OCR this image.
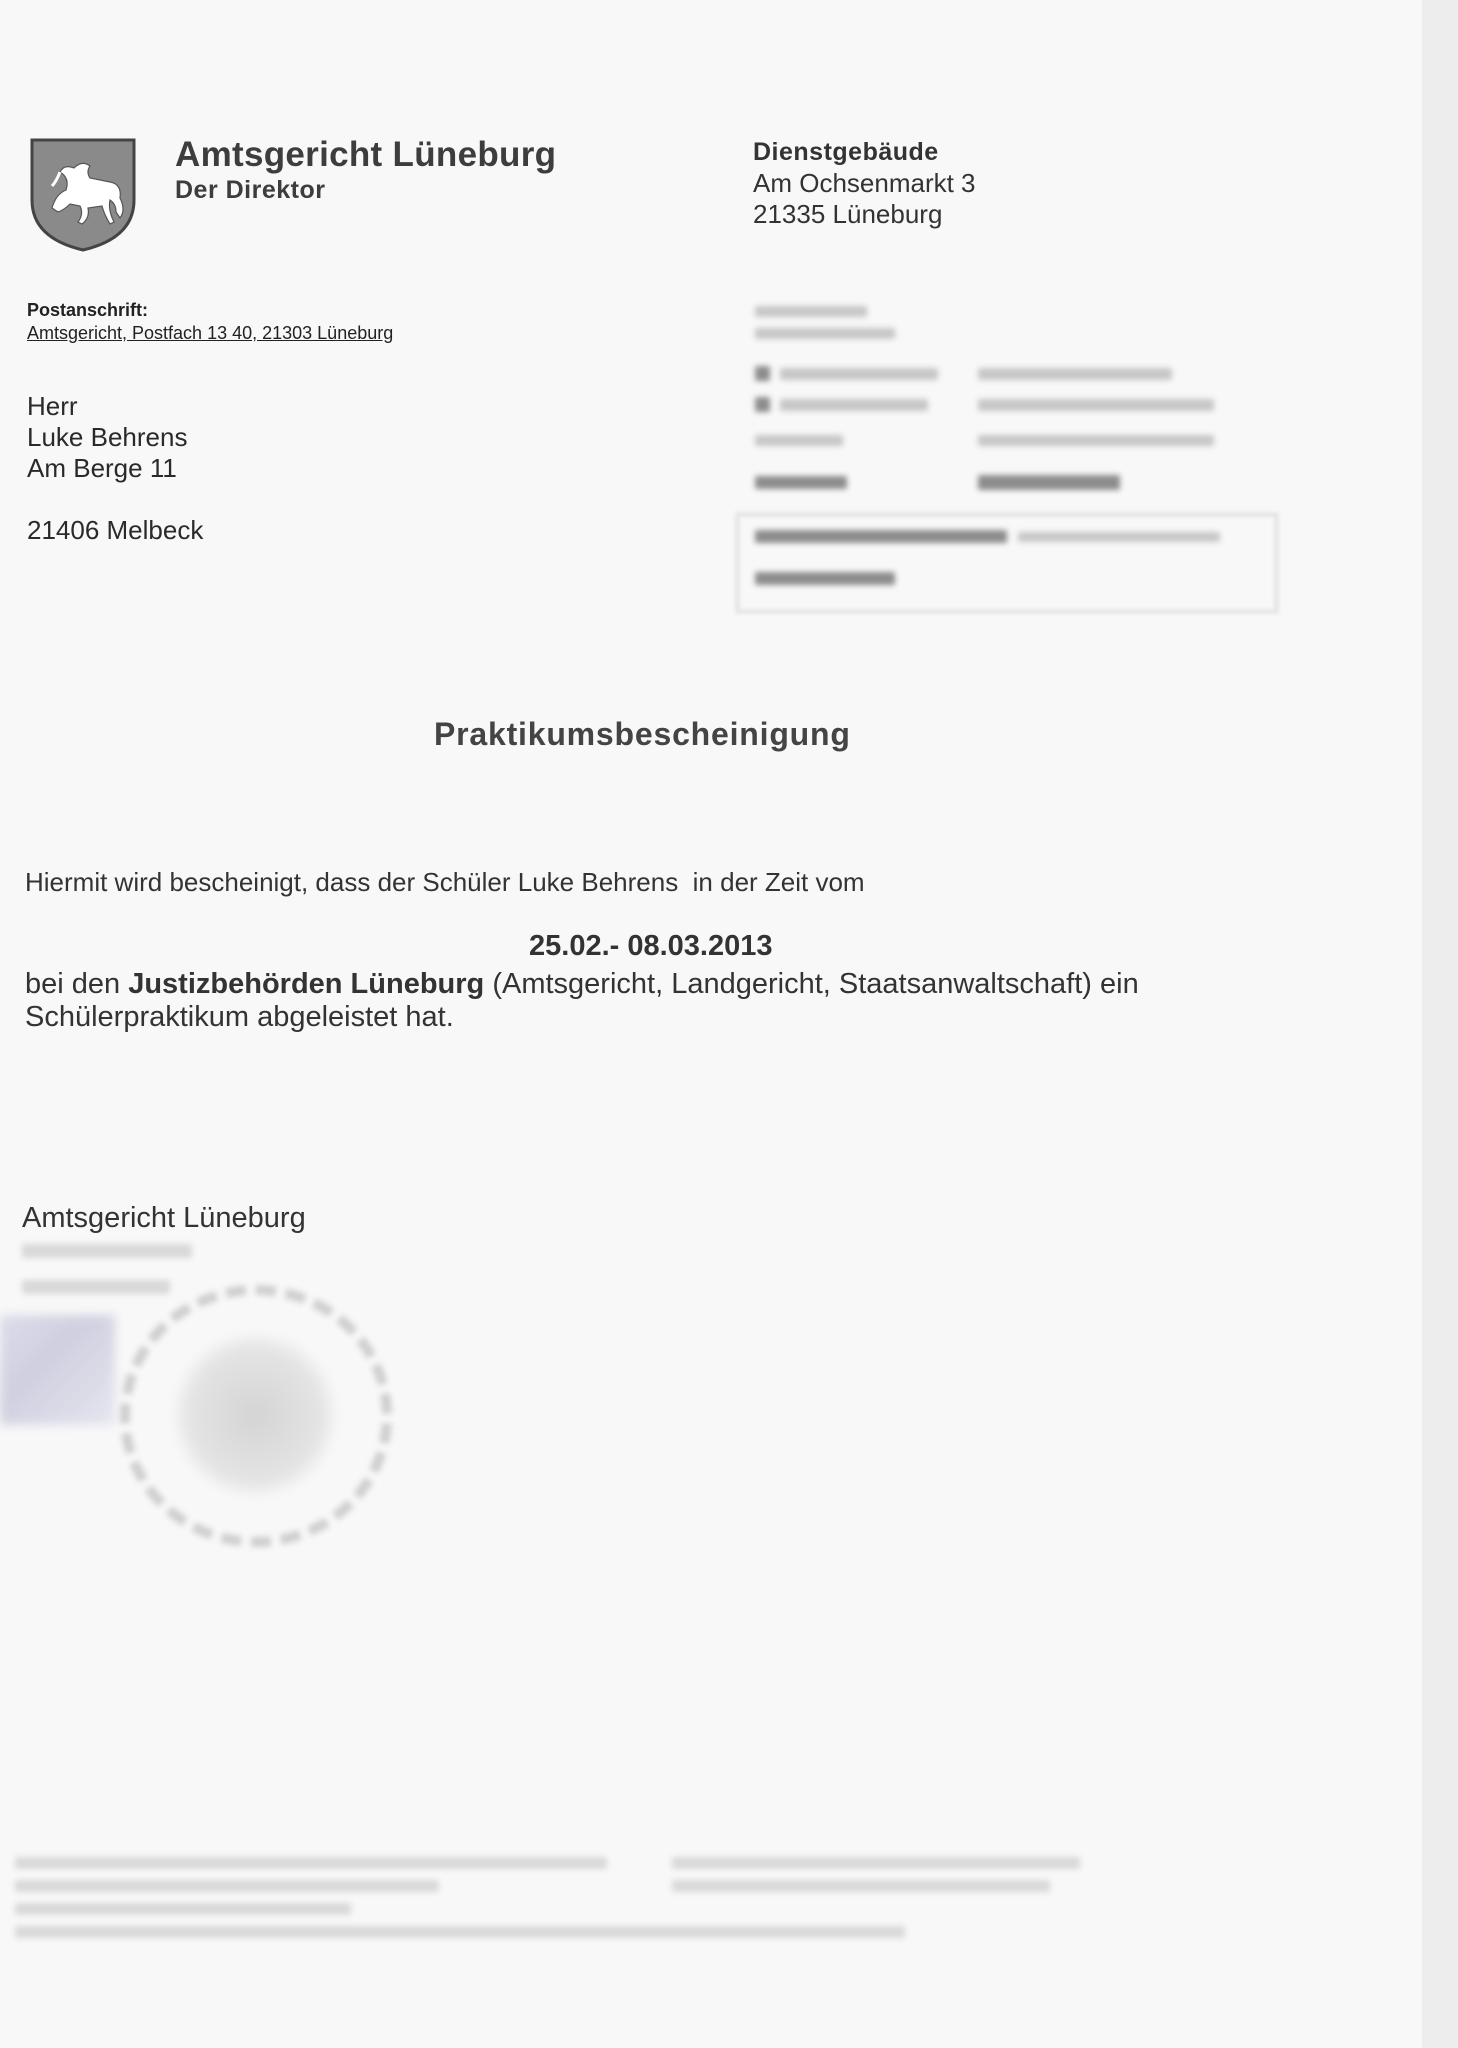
Amtsgericht Lüneburg
Der Direktor
Dienstgebäude
Am Ochsenmarkt 3
21335 Lüneburg
Postanschrift:
Amtsgericht, Postfach 13 40, 21303 Lüneburg
Herr
Luke Behrens
Am Berge 11
21406 Melbeck
Praktikumsbescheinigung
Hiermit wird bescheinigt, dass der Schüler Luke Behrens  in der Zeit vom
25.02.- 08.03.2013
bei den Justizbehörden Lüneburg (Amtsgericht, Landgericht, Staatsanwaltschaft) ein
Schülerpraktikum abgeleistet hat.
Amtsgericht Lüneburg
